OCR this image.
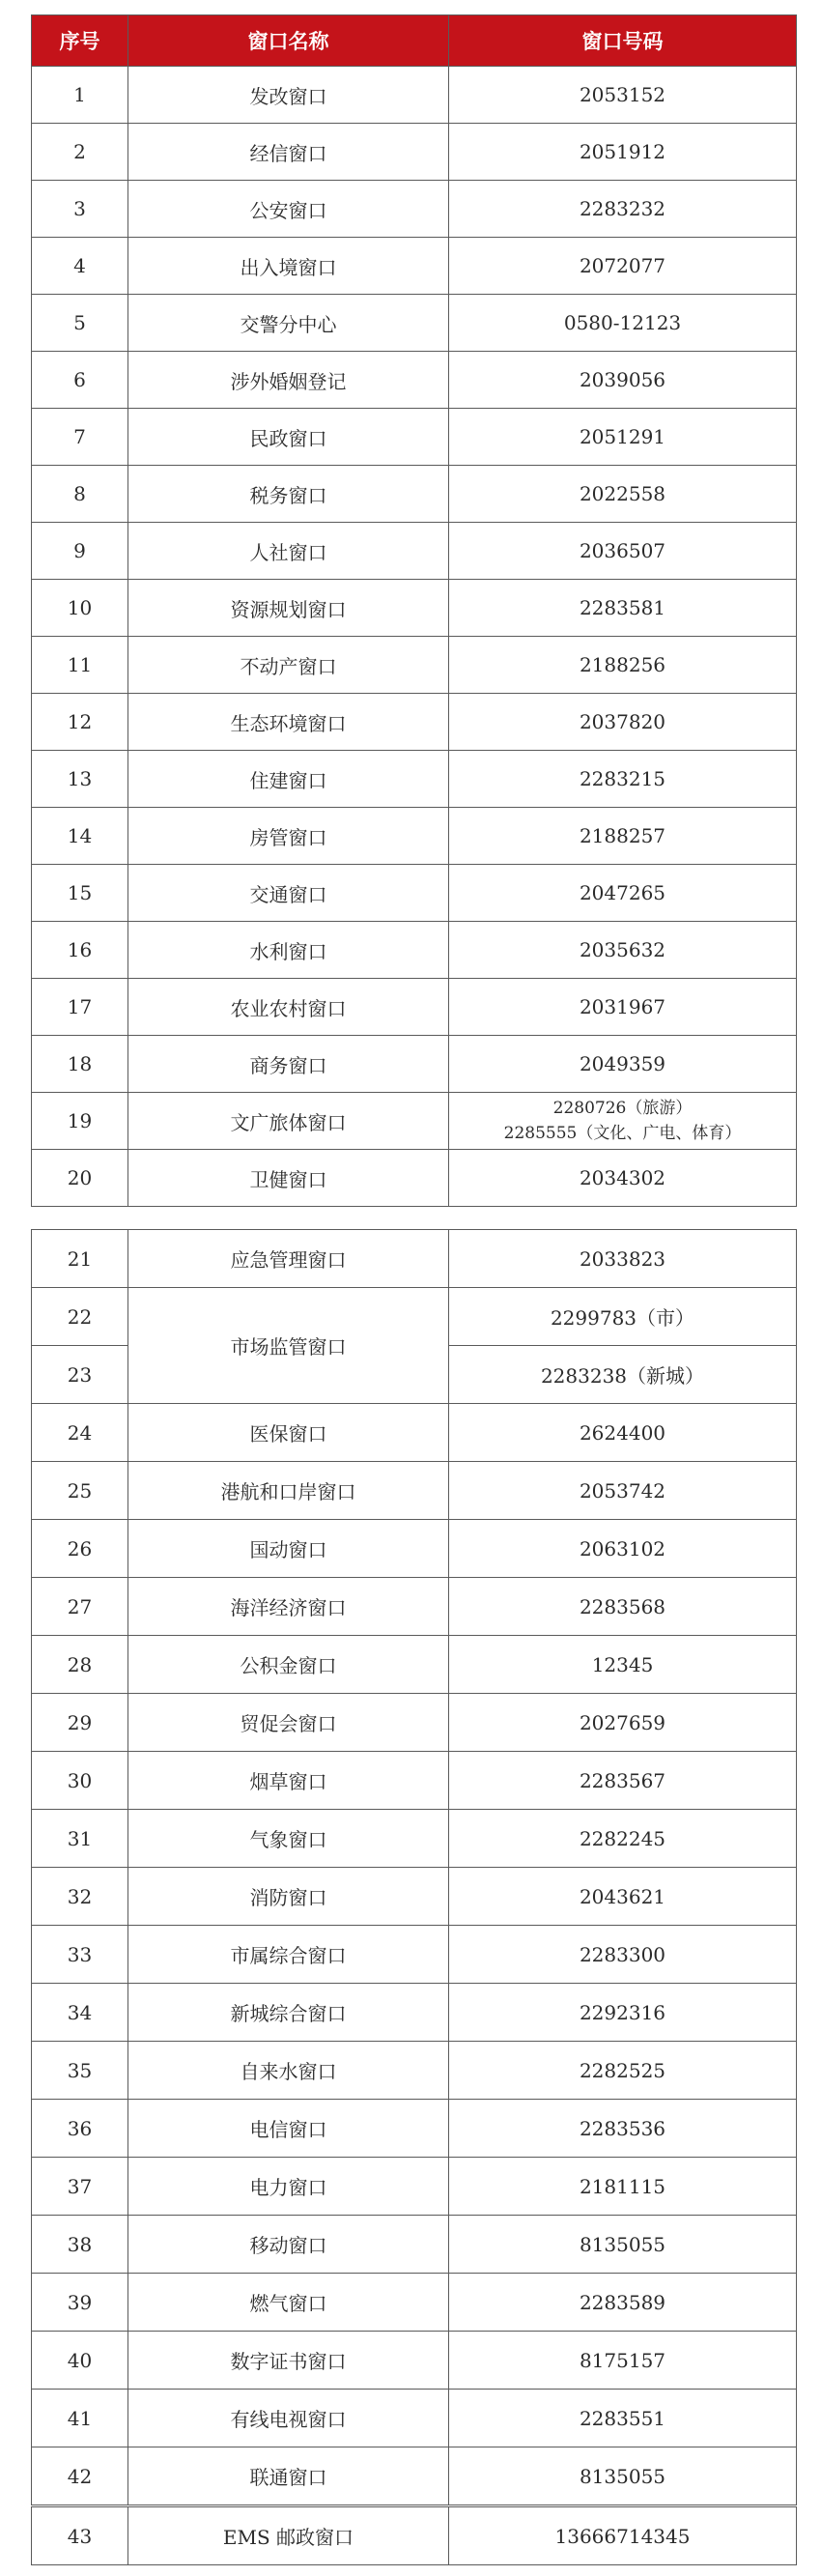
序号	窗口名称	窗口号码
1	发改窗口	2053152
2	经信窗口	2051912
3	公安窗口	2283232
4	出入境窗口	2072077
5	交警分中心	0580-12123
6	涉外婚姻登记	2039056
7	民政窗口	2051291
8	税务窗口	2022558
9	人社窗口	2036507
10	资源规划窗口	2283581
11	不动产窗口	2188256
12	生态环境窗口	2037820
13	住建窗口	2283215
14	房管窗口	2188257
15	交通窗口	2047265
16	水利窗口	2035632
17	农业农村窗口	2031967
18	商务窗口	2049359
19	文广旅体窗口	2280726（旅游）
2285555（文化、广电、体育）

20	卫健窗口	2034302
21	应急管理窗口	2033823
22	市场监管窗口	2299783（市）
23		2283238（新城）
24	医保窗口	2624400
25	港航和口岸窗口	2053742
26	国动窗口	2063102
27	海洋经济窗口	2283568
28	公积金窗口	12345
29	贸促会窗口	2027659
30	烟草窗口	2283567
31	气象窗口	2282245
32	消防窗口	2043621
33	市属综合窗口	2283300
34	新城综合窗口	2292316
35	自来水窗口	2282525
36	电信窗口	2283536
37	电力窗口	2181115
38	移动窗口	8135055
39	燃气窗口	2283589
40	数字证书窗口	8175157
41	有线电视窗口	2283551
42	联通窗口	8135055
43	EMS 邮政窗口	13666714345
